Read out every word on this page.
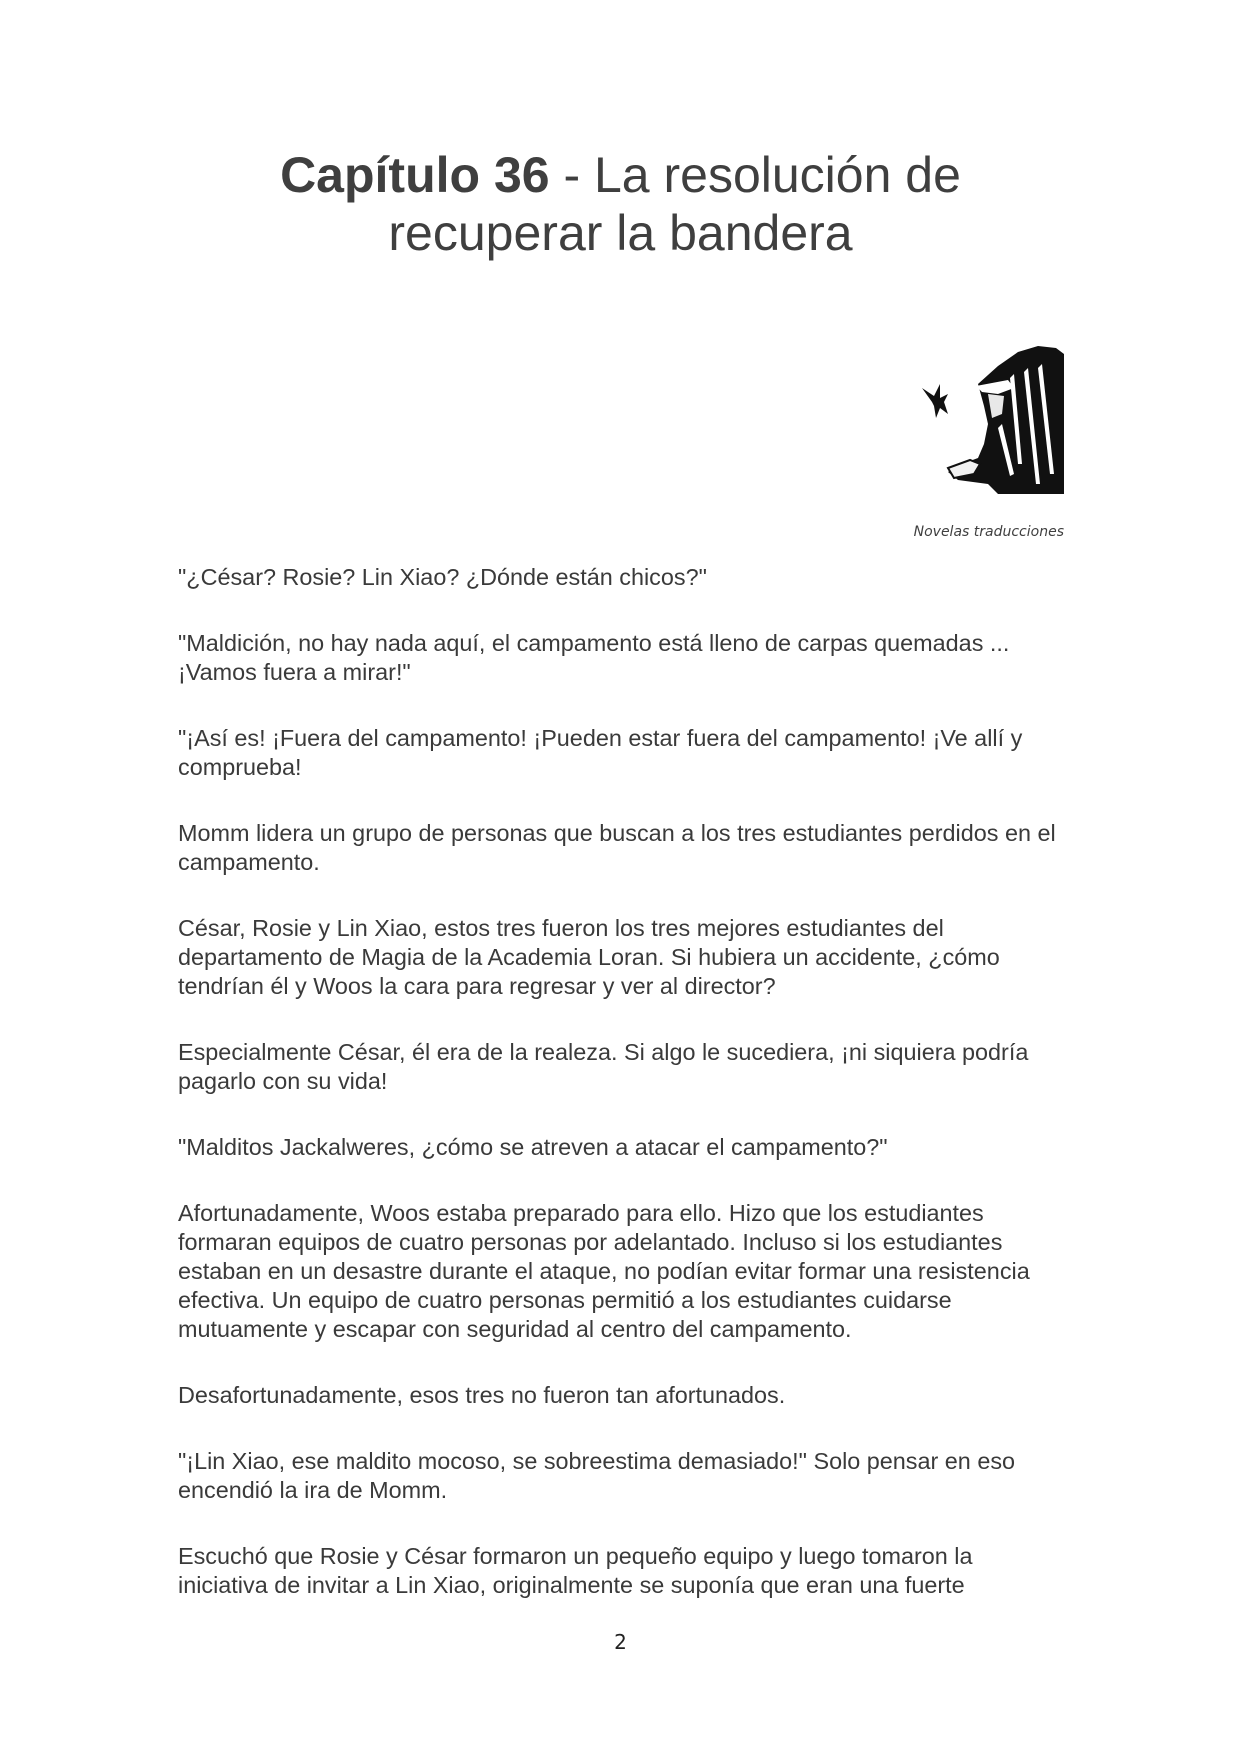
Capítulo 36 - La resolución de
recuperar la bandera
Novelas traducciones

"¿César? Rosie? Lin Xiao? ¿Dónde están chicos?"

"Maldición, no hay nada aquí, el campamento está lleno de carpas quemadas ... ¡Vamos fuera a mirar!"

"¡Así es! ¡Fuera del campamento! ¡Pueden estar fuera del campamento! ¡Ve allí y comprueba!

Momm lidera un grupo de personas que buscan a los tres estudiantes perdidos en el campamento.

César, Rosie y Lin Xiao, estos tres fueron los tres mejores estudiantes del departamento de Magia de la Academia Loran. Si hubiera un accidente, ¿cómo tendrían él y Woos la cara para regresar y ver al director?

Especialmente César, él era de la realeza. Si algo le sucediera, ¡ni siquiera podría pagarlo con su vida!

"Malditos Jackalweres, ¿cómo se atreven a atacar el campamento?"

Afortunadamente, Woos estaba preparado para ello. Hizo que los estudiantes formaran equipos de cuatro personas por adelantado. Incluso si los estudiantes estaban en un desastre durante el ataque, no podían evitar formar una resistencia efectiva. Un equipo de cuatro personas permitió a los estudiantes cuidarse mutuamente y escapar con seguridad al centro del campamento.

Desafortunadamente, esos tres no fueron tan afortunados.

"¡Lin Xiao, ese maldito mocoso, se sobreestima demasiado!" Solo pensar en eso encendió la ira de Momm.

Escuchó que Rosie y César formaron un pequeño equipo y luego tomaron la iniciativa de invitar a Lin Xiao, originalmente se suponía que eran una fuerte

2
